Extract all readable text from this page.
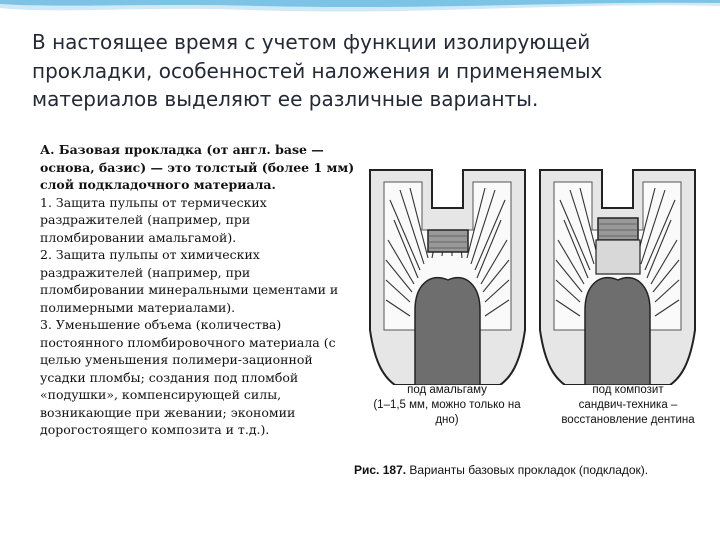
В настоящее время с учетом функции изолирующей прокладки, особенностей наложения и применяемых материалов выделяют ее различные варианты.

А. Базовая прокладка (от англ. base — основа, базис) — это толстый (более 1 мм) слой подкладочного материала.

1. Защита пульпы от термических раздражителей (например, при пломбировании амальгамой).

2. Защита пульпы от химических раздражителей (например, при пломбировании минеральными цементами и полимерными материалами).

3. Уменьшение объема (количества) постоянного пломбировочного материала (с целью уменьшения полимери-зационной усадки пломбы; создания под пломбой «подушки», компенсирующей силы, возникающие при жевании; экономии дорогостоящего композита и т.д.).

под амальгаму
(1–1,5 мм, можно только на дно)
под композит
сандвич-техника –
восстановление дентина
Рис. 187. Варианты базовых прокладок (подкладок).
